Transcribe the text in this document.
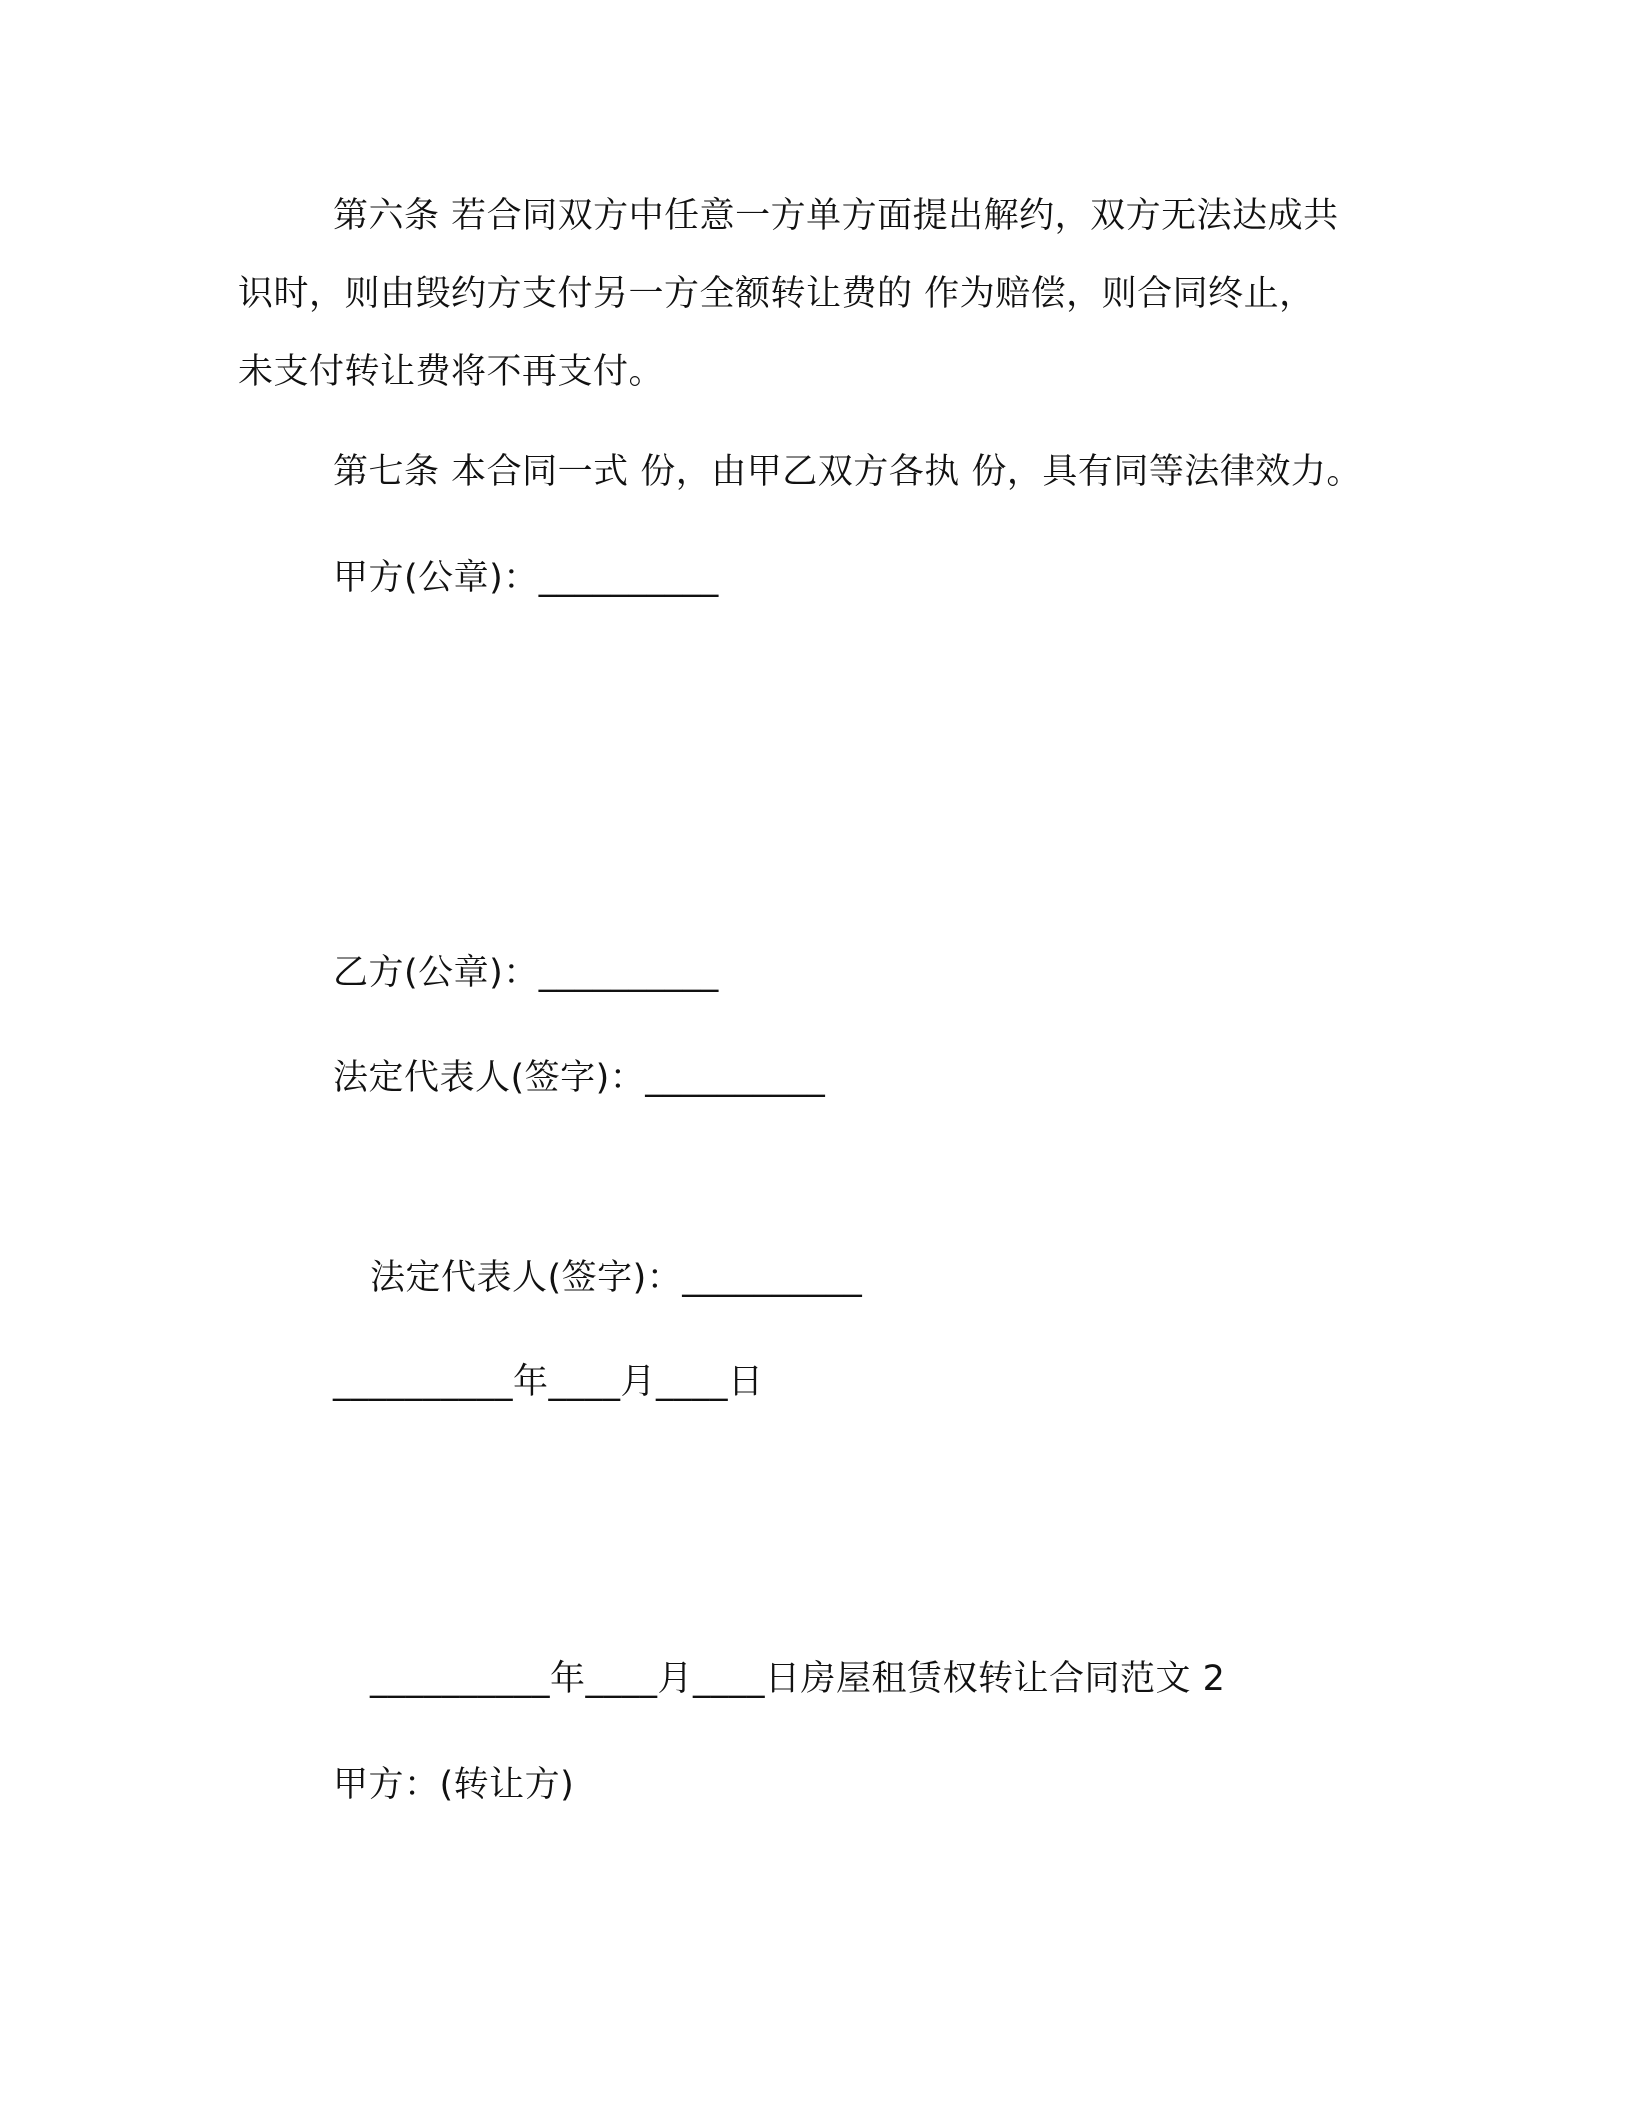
第六条 若合同双方中任意一方单方面提出解约，双方无法达成共
识时，则由毁约方支付另一方全额转让费的 作为赔偿，则合同终止，
未支付转让费将不再支付。
第七条 本合同一式 份，由甲乙双方各执 份，具有同等法律效力。
甲方(公章)：__________
乙方(公章)：__________
法定代表人(签字)：__________
法定代表人(签字)：__________
__________年____月____日
__________年____月____日房屋租赁权转让合同范文 2
甲方：(转让方)
